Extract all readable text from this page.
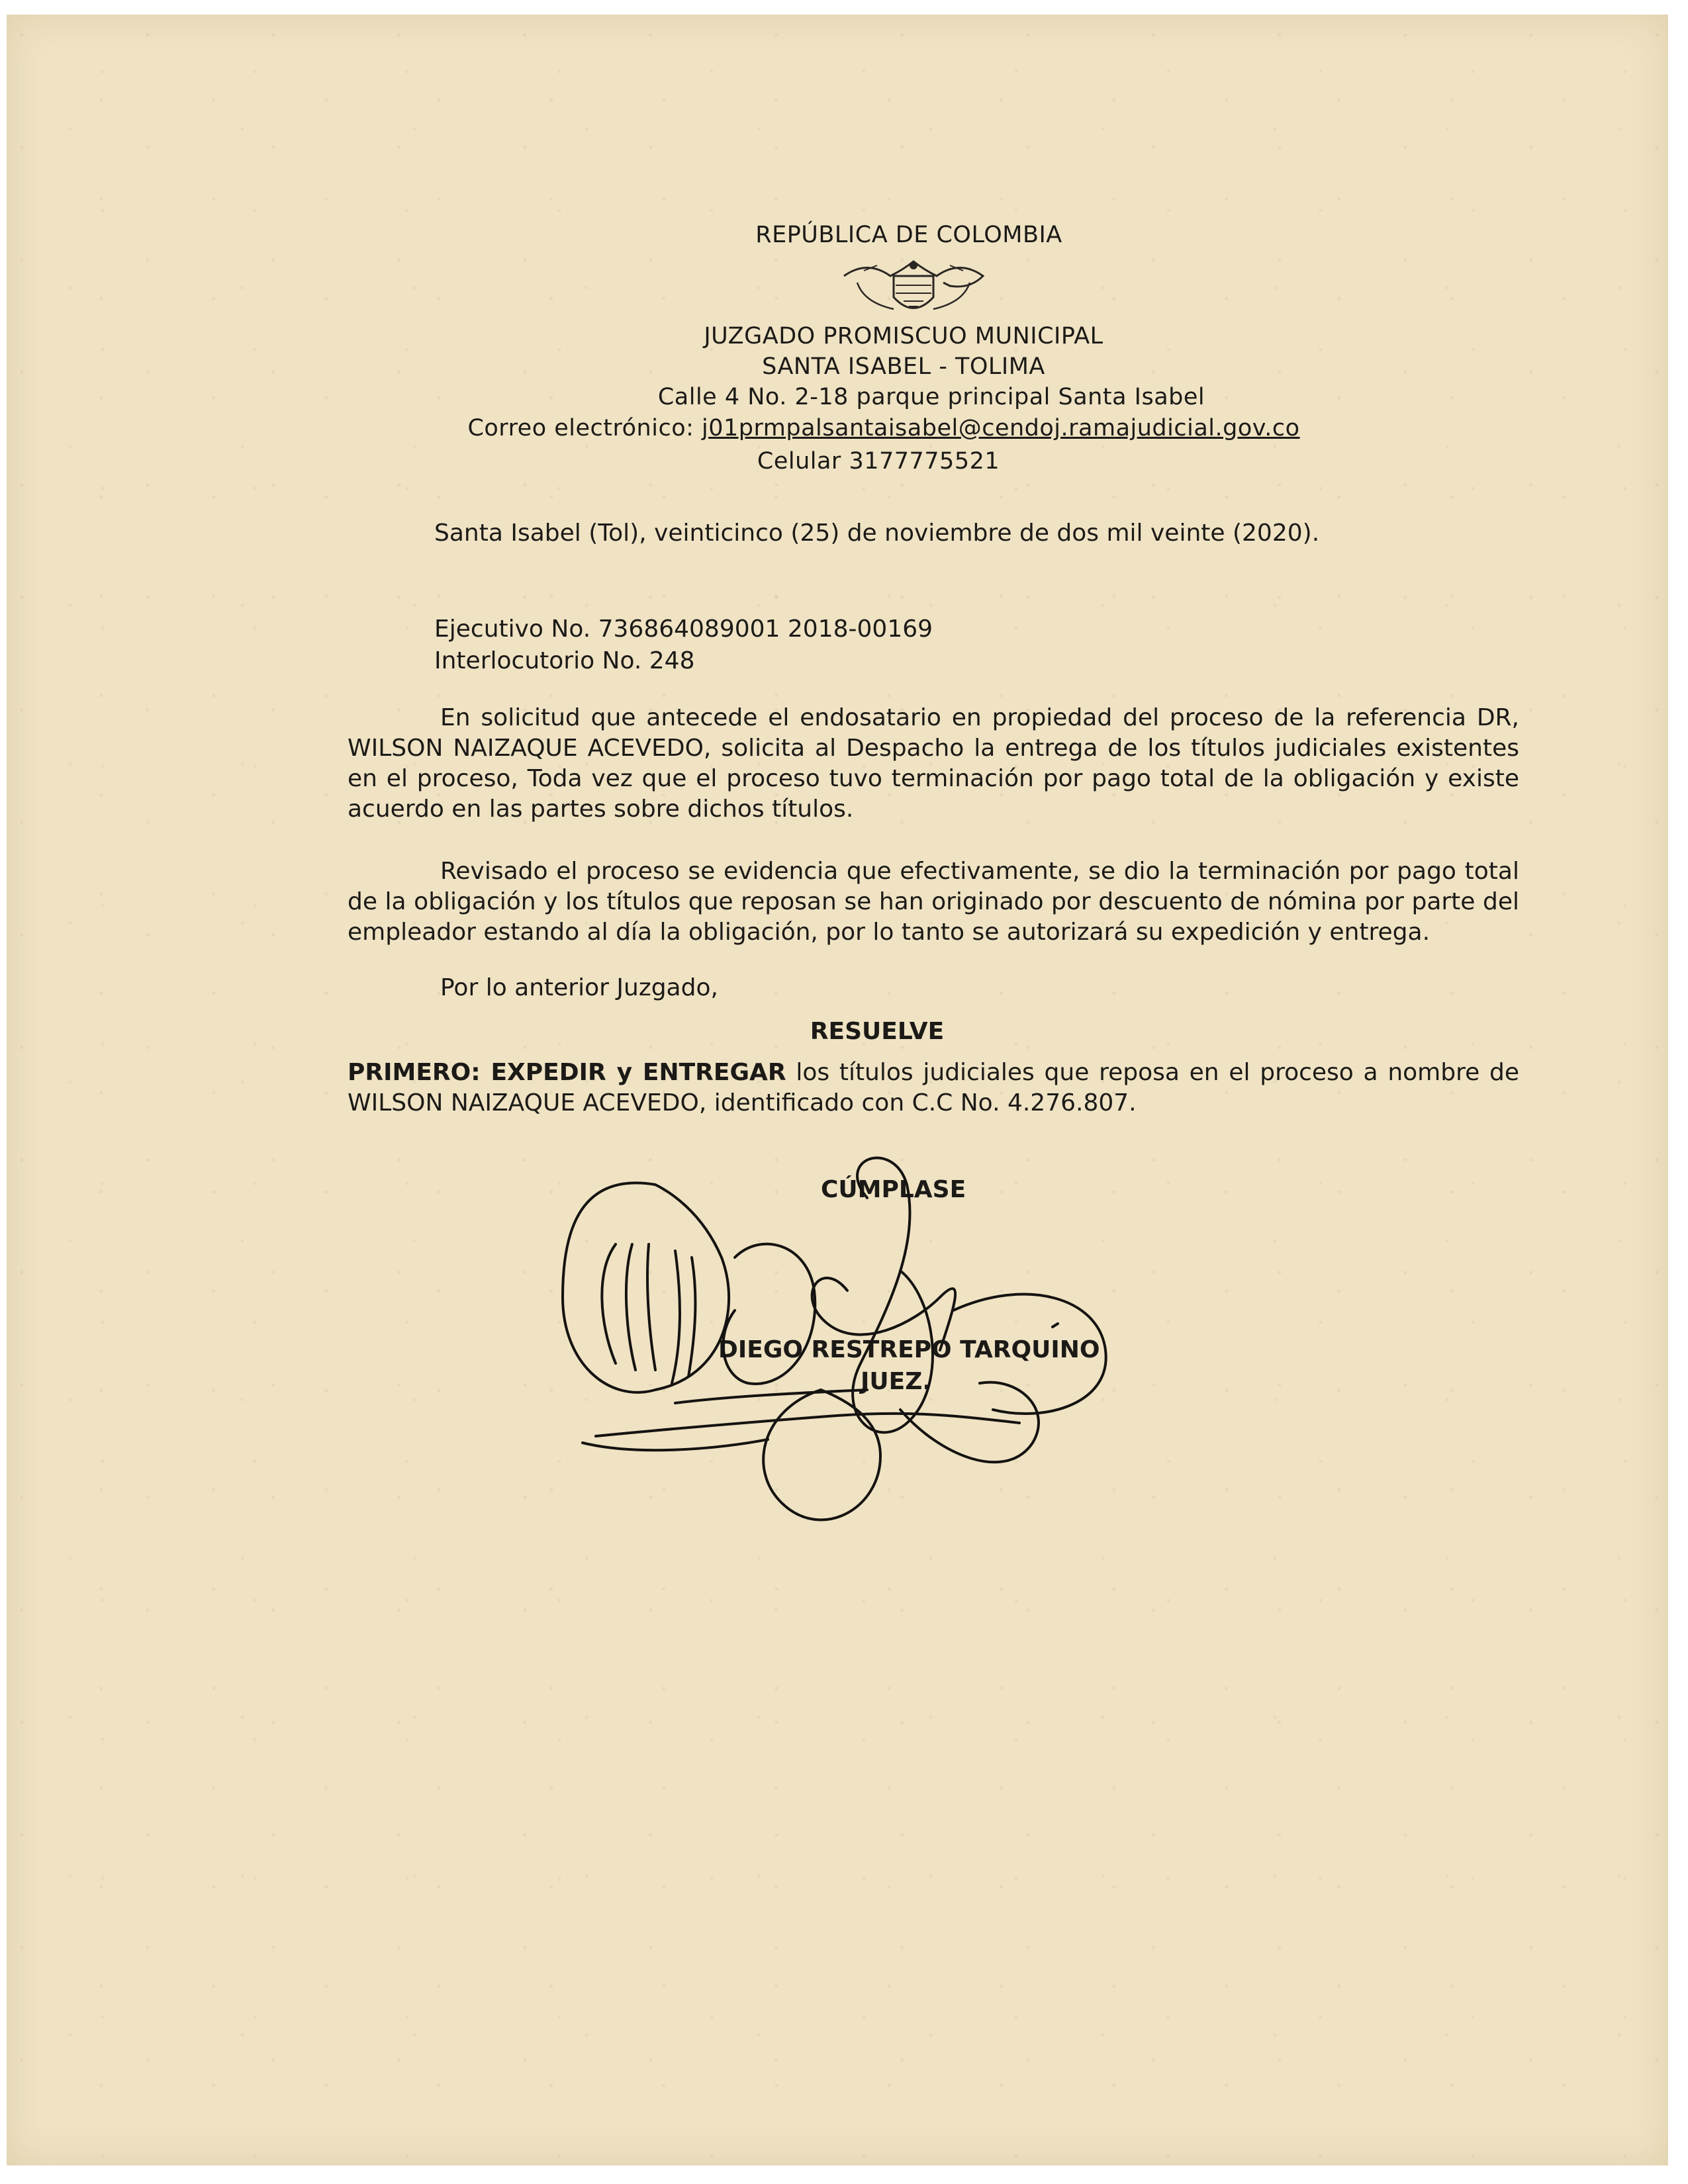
REPÚBLICA DE COLOMBIA
JUZGADO PROMISCUO MUNICIPAL
SANTA ISABEL - TOLIMA
Calle 4 No. 2-18 parque principal Santa Isabel
Correo electrónico: j01prmpalsantaisabel@cendoj.ramajudicial.gov.co
Celular 3177775521
Santa Isabel (Tol), veinticinco (25) de noviembre de dos mil veinte (2020).
Ejecutivo No. 736864089001 2018-00169
Interlocutorio No. 248
En solicitud que antecede el endosatario en propiedad del proceso de la referencia DR, WILSON NAIZAQUE ACEVEDO, solicita al Despacho la entrega de los títulos judiciales existentes en el proceso, Toda vez que el proceso tuvo terminación por pago total de la obligación y existe acuerdo en las partes sobre dichos títulos.
Revisado el proceso se evidencia que efectivamente, se dio la terminación por pago total de la obligación y los títulos que reposan se han originado por descuento de nómina por parte del empleador estando al día la obligación, por lo tanto se autorizará su expedición y entrega.
Por lo anterior Juzgado,
RESUELVE
PRIMERO: EXPEDIR y ENTREGAR los títulos judiciales que reposa en el proceso a nombre de WILSON NAIZAQUE ACEVEDO, identificado con C.C No. 4.276.807.
CÚMPLASE
DIEGO RESTREPO TARQUINO
JUEZ.
